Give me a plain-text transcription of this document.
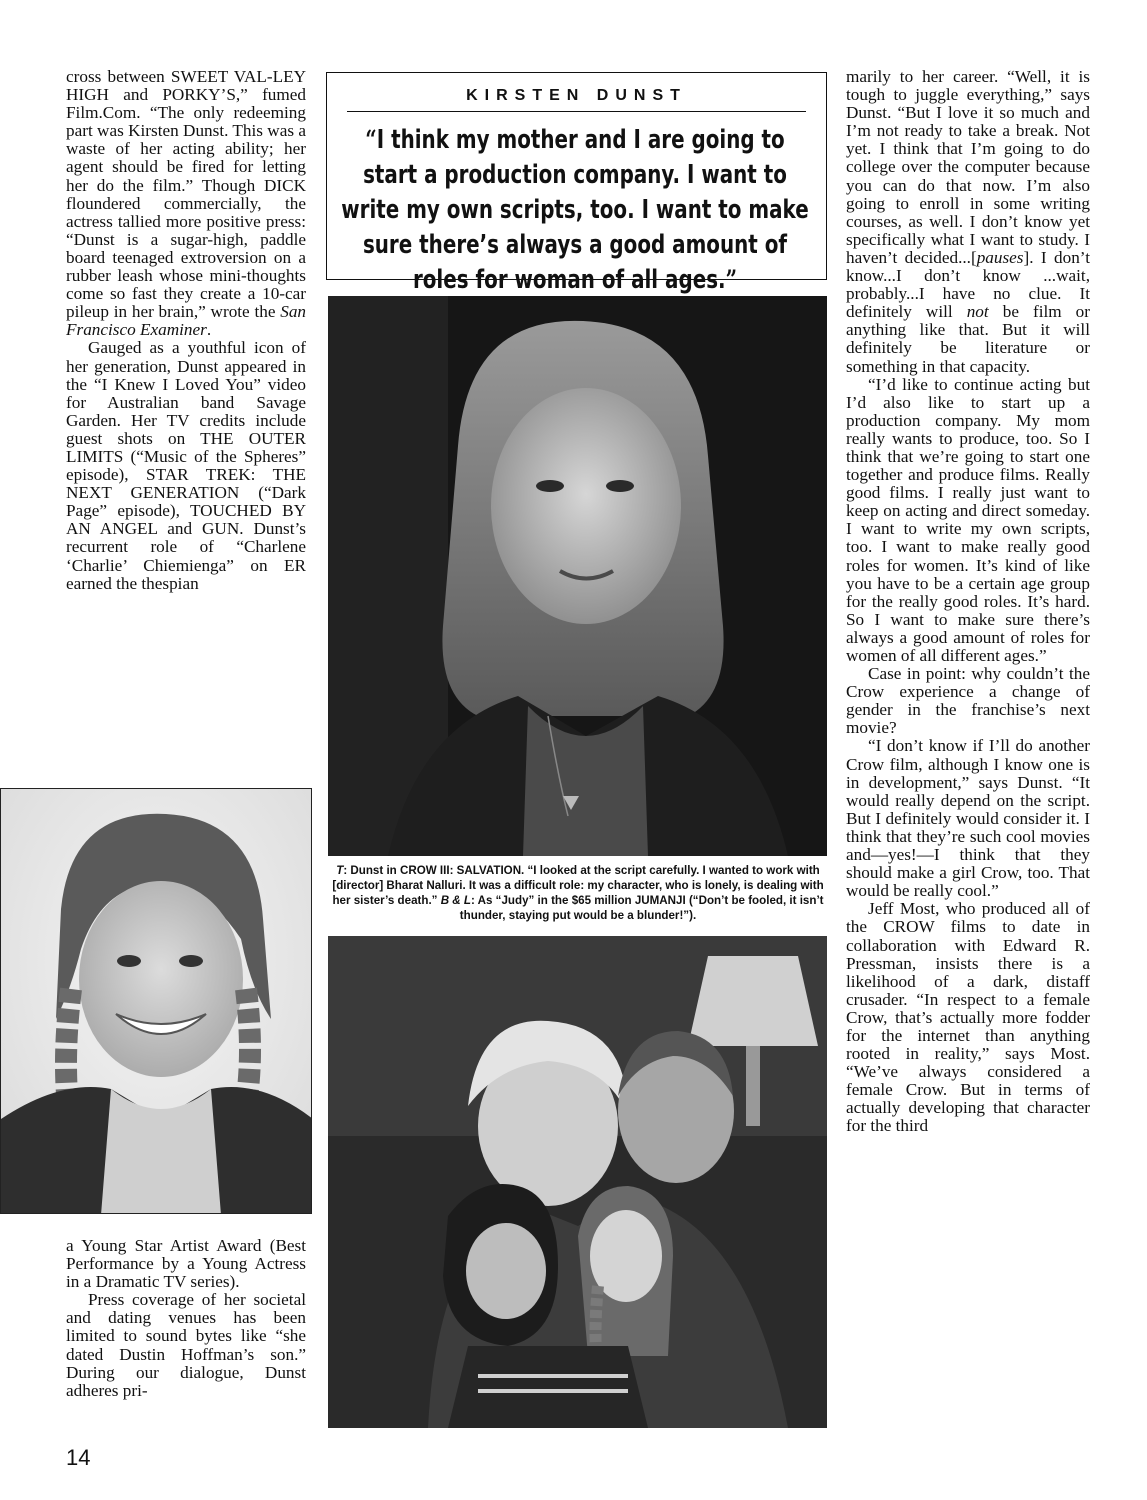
cross between SWEET VAL-LEY HIGH and PORKY’S,” fumed Film.Com. “The only redeeming part was Kirsten Dunst. This was a waste of her acting ability; her agent should be fired for letting her do the film.” Though DICK floundered commercially, the actress tallied more positive press: “Dunst is a sugar-high, paddle board teenaged extroversion on a rubber leash whose mini-thoughts come so fast they create a 10-car pileup in her brain,” wrote the San Francisco Examiner.

Gauged as a youthful icon of her generation, Dunst appeared in the “I Knew I Loved You” video for Australian band Savage Garden. Her TV credits include guest shots on THE OUTER LIMITS (“Music of the Spheres” episode), STAR TREK: THE NEXT GENERATION (“Dark Page” episode), TOUCHED BY AN ANGEL and GUN. Dunst’s recurrent role of “Charlene ‘Charlie’ Chiemienga” on ER earned the thespian

a Young Star Artist Award (Best Performance by a Young Actress in a Dramatic TV series).

Press coverage of her societal and dating venues has been limited to sound bytes like “she dated Dustin Hoffman’s son.” During our dialogue, Dunst adheres pri-

KIRSTEN DUNST
“I think my mother and I are going to start a production company. I want to write my own scripts, too. I want to make sure there’s always a good amount of roles for woman of all ages.”
T: Dunst in CROW III: SALVATION. “I looked at the script carefully. I wanted to work with [director] Bharat Nalluri. It was a difficult role: my character, who is lonely, is dealing with her sister’s death.” B & L: As “Judy” in the $65 million JUMANJI (“Don’t be fooled, it isn’t thunder, staying put would be a blunder!”).

marily to her career. “Well, it is tough to juggle everything,” says Dunst. “But I love it so much and I’m not ready to take a break. Not yet. I think that I’m going to do college over the computer because you can do that now. I’m also going to enroll in some writing courses, as well. I don’t know yet specifically what I want to study. I haven’t decided...[pauses]. I don’t know...I don’t know ...wait, probably...I have no clue. It definitely will not be film or anything like that. But it will definitely be literature or something in that capacity.

“I’d like to continue acting but I’d also like to start up a production company. My mom really wants to produce, too. So I think that we’re going to start one together and produce films. Really good films. I really just want to keep on acting and direct someday. I want to write my own scripts, too. I want to make really good roles for women. It’s kind of like you have to be a certain age group for the really good roles. It’s hard. So I want to make sure there’s always a good amount of roles for women of all different ages.”

Case in point: why couldn’t the Crow experience a change of gender in the franchise’s next movie?

“I don’t know if I’ll do another Crow film, although I know one is in development,” says Dunst. “It would really depend on the script. But I definitely would consider it. I think that they’re such cool movies and—yes!—I think that they should make a girl Crow, too. That would be really cool.”

Jeff Most, who produced all of the CROW films to date in collaboration with Edward R. Pressman, insists there is a likelihood of a dark, distaff crusader. “In respect to a female Crow, that’s actually more fodder for the internet than anything rooted in reality,” says Most. “We’ve always considered a female Crow. But in terms of actually developing that character for the third

14
